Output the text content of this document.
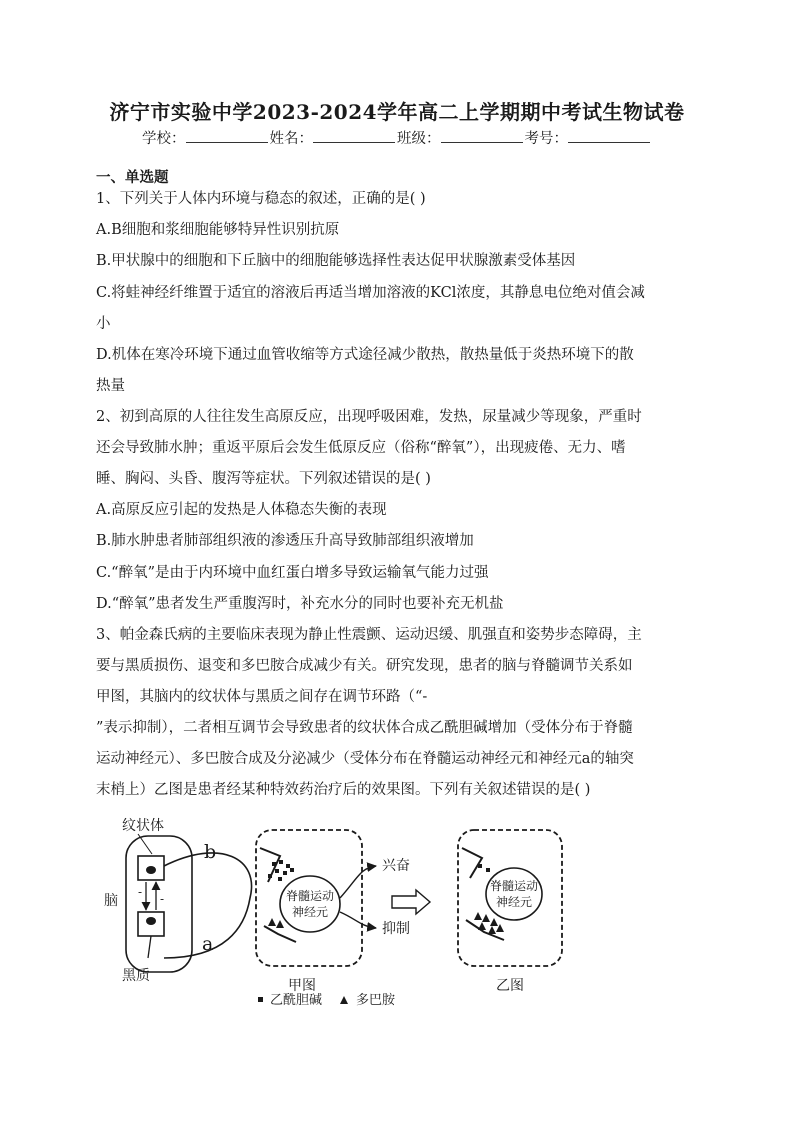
济宁市实验中学2023-2024学年高二上学期期中考试生物试卷
学校：	姓名：	班级：	考号：
一、单选题
1、下列关于人体内环境与稳态的叙述，正确的是( )
A.B细胞和浆细胞能够特异性识别抗原
B.甲状腺中的细胞和下丘脑中的细胞能够选择性表达促甲状腺激素受体基因
C.将蛙神经纤维置于适宜的溶液后再适当增加溶液的KCl浓度，其静息电位绝对值会减
小
D.机体在寒冷环境下通过血管收缩等方式途径减少散热，散热量低于炎热环境下的散
热量
2、初到高原的人往往发生高原反应，出现呼吸困难，发热，尿量减少等现象，严重时
还会导致肺水肿；重返平原后会发生低原反应（俗称“醉氧”），出现疲倦、无力、嗜
睡、胸闷、头昏、腹泻等症状。下列叙述错误的是( )
A.高原反应引起的发热是人体稳态失衡的表现
B.肺水肿患者肺部组织液的渗透压升高导致肺部组织液增加
C.“醉氧”是由于内环境中血红蛋白增多导致运输氧气能力过强
D.“醉氧”患者发生严重腹泻时，补充水分的同时也要补充无机盐
3、帕金森氏病的主要临床表现为静止性震颤、运动迟缓、肌强直和姿势步态障碍，主
要与黑质损伤、退变和多巴胺合成减少有关。研究发现，患者的脑与脊髓调节关系如
甲图，其脑内的纹状体与黑质之间存在调节环路（“-
”表示抑制），二者相互调节会导致患者的纹状体合成乙酰胆碱增加（受体分布于脊髓
运动神经元）、多巴胺合成及分泌减少（受体分布在脊髓运动神经元和神经元a的轴突
末梢上）乙图是患者经某种特效药治疗后的效果图。下列有关叙述错误的是( )
纹状体
脑
- -
黑质
b
a
脊髓运动
神经元
兴奋
抑制
甲图
脊髓运动
神经元
乙图
乙酰胆碱	多巴胺
